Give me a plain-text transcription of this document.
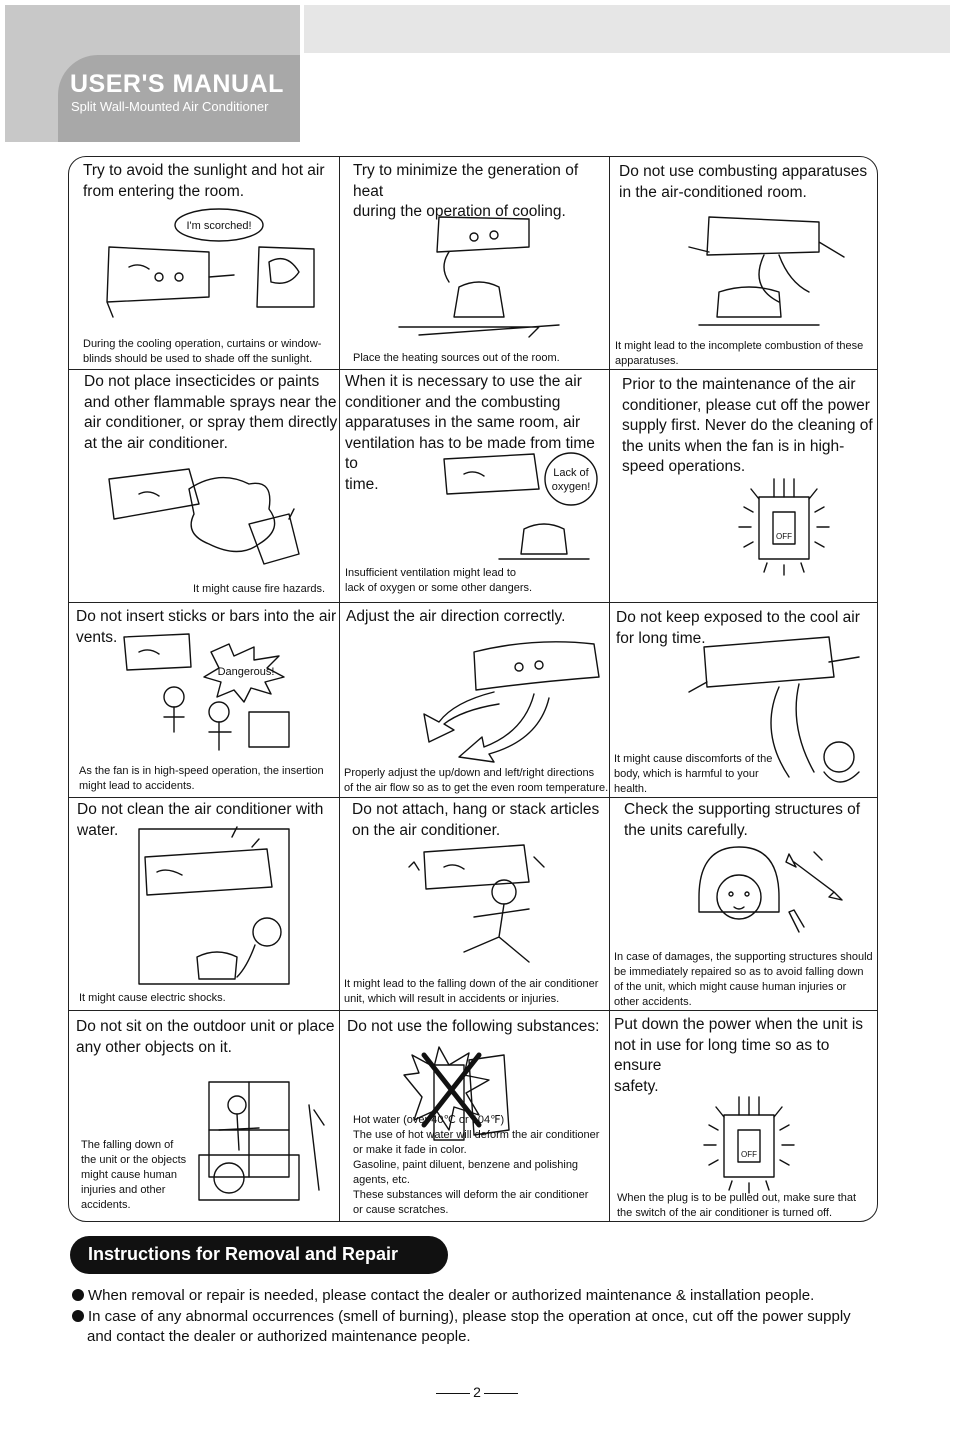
USER'S MANUAL
Split Wall-Mounted Air Conditioner

Try to avoid the sunlight and hot air
from entering the room.

I'm scorched!

During the cooling operation, curtains or window-
blinds should be used to shade off the sunlight.

Try to minimize the generation of heat
during the operation of cooling.

Place the heating sources out of the room.

Do not use combusting apparatuses
in the air-conditioned room.

It might lead to the incomplete combustion of these
apparatuses.

Do not place insecticides or paints
and other flammable sprays near the
air conditioner, or spray them directly
at the air conditioner.

It might cause fire hazards.

When it is necessary to use the air
conditioner and the combusting
apparatuses in the same room, air
ventilation has to be made from time to
time.

Lack of
oxygen!

Insufficient ventilation might lead to
lack of oxygen or some other dangers.

Prior to the maintenance of the air
conditioner, please cut off the power
supply first. Never do the cleaning of
the units when the fan is in high-
speed operations.

OFF

Do not insert sticks or bars into the air
vents.

Dangerous!

As the fan is in high-speed operation, the insertion
might lead to accidents.

Adjust the air direction correctly.

Properly adjust the up/down and left/right directions
of the air flow so as to get the even room temperature.

Do not keep exposed to the cool air
for long time.

It might cause discomforts of the
body, which is harmful to your
health.

Do not clean the air conditioner with
water.

It might cause electric shocks.

Do not attach, hang or stack articles
on the air conditioner.

It might lead to the falling down of the air conditioner
unit, which will result in accidents or injuries.

Check the supporting structures of
the units carefully.

In case of damages, the supporting structures should
be immediately repaired so as to avoid falling down
of the unit, which might cause human injuries or
other accidents.

Do not sit on the outdoor unit or place
any other objects on it.

The falling down of
the unit or the objects
might cause human
injuries and other
accidents.

Do not use the following substances:

Hot water (over 40℃ or 104℉)
The use of hot water will deform the air conditioner
or make it fade in color.
Gasoline, paint diluent, benzene and polishing
agents, etc.
These substances will deform the air conditioner
or cause scratches.

Put down the power when the unit is
not in use for long time so as to ensure
safety.

OFF

When the plug is to be pulled out, make sure that
the switch of the air conditioner is turned off.

Instructions for Removal and Repair
When removal or repair is needed, please contact the dealer or authorized maintenance & installation people.
In case of any abnormal occurrences (smell of burning), please stop the operation at once, cut off the power supply
and contact the dealer or authorized maintenance people.
2
